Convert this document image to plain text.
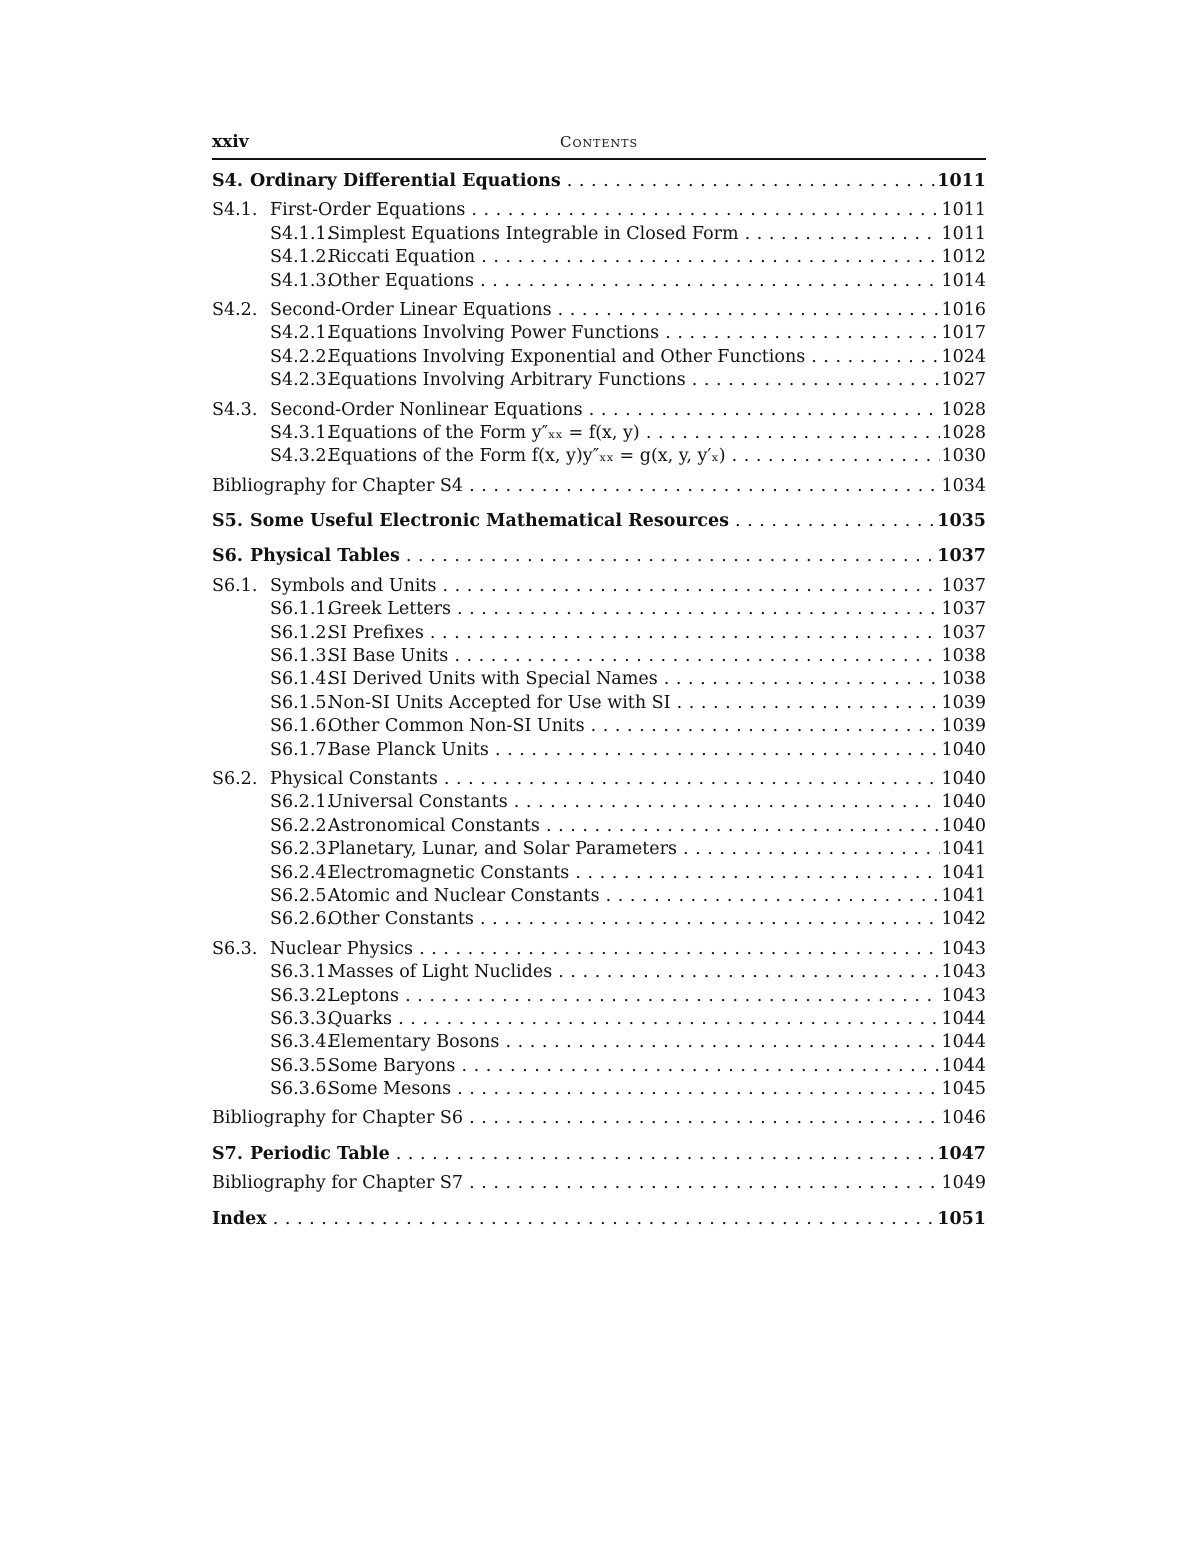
xxiv	Contents
S4. Ordinary Differential Equations . . .	1011
S4.1. First-Order Equations . . .	1011
S4.1.1.Simplest Equations Integrable in Closed Form . . .	1011
S4.1.2.Riccati Equation . . .	1012
S4.1.3.Other Equations . . .	1014
S4.2. Second-Order Linear Equations . . .	1016
S4.2.1.Equations Involving Power Functions . . .	1017
S4.2.2.Equations Involving Exponential and Other Functions . . .	1024
S4.2.3.Equations Involving Arbitrary Functions . . .	1027
S4.3. Second-Order Nonlinear Equations . . .	1028
S4.3.1.Equations of the Form y″ₓₓ = f(x, y) . . .	1028
S4.3.2.Equations of the Form f(x, y)y″ₓₓ = g(x, y, y′ₓ) . . .	1030
Bibliography for Chapter S4 . . .	1034
S5. Some Useful Electronic Mathematical Resources . . .	1035
S6. Physical Tables . . .	1037
S6.1. Symbols and Units . . .	1037
S6.1.1.Greek Letters . . .	1037
S6.1.2.SI Prefixes . . .	1037
S6.1.3.SI Base Units . . .	1038
S6.1.4.SI Derived Units with Special Names . . .	1038
S6.1.5.Non-SI Units Accepted for Use with SI . . .	1039
S6.1.6.Other Common Non-SI Units . . .	1039
S6.1.7.Base Planck Units . . .	1040
S6.2. Physical Constants . . .	1040
S6.2.1.Universal Constants . . .	1040
S6.2.2.Astronomical Constants . . .	1040
S6.2.3.Planetary, Lunar, and Solar Parameters . . .	1041
S6.2.4.Electromagnetic Constants . . .	1041
S6.2.5.Atomic and Nuclear Constants . . .	1041
S6.2.6.Other Constants . . .	1042
S6.3. Nuclear Physics . . .	1043
S6.3.1.Masses of Light Nuclides . . .	1043
S6.3.2.Leptons . . .	1043
S6.3.3.Quarks . . .	1044
S6.3.4.Elementary Bosons . . .	1044
S6.3.5.Some Baryons . . .	1044
S6.3.6.Some Mesons . . .	1045
Bibliography for Chapter S6 . . .	1046
S7. Periodic Table . . .	1047
Bibliography for Chapter S7 . . .	1049
Index . . .	1051
